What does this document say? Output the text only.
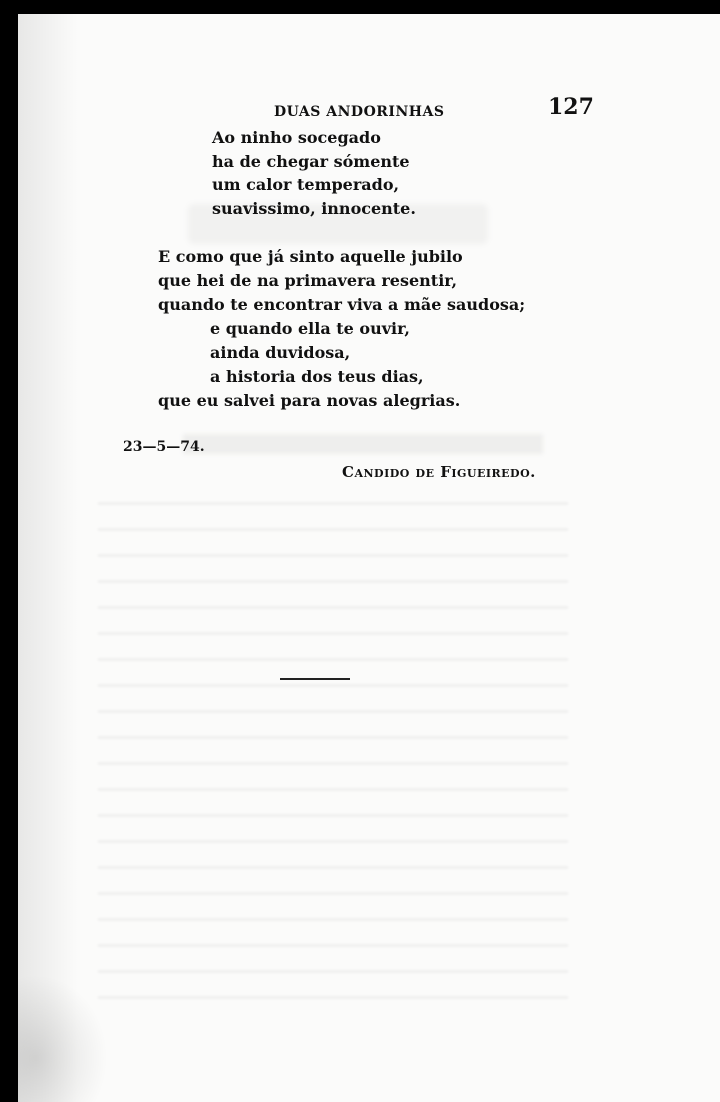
DUAS ANDORINHAS	127
Ao ninho socegado
ha de chegar sómente
um calor temperado,
suavissimo, innocente.
E como que já sinto aquelle jubilo
que hei de na primavera resentir,
quando te encontrar viva a mãe saudosa;
e quando ella te ouvir,
ainda duvidosa,
a historia dos teus dias,
que eu salvei para novas alegrias.
23—5—74.
Candido de Figueiredo.
